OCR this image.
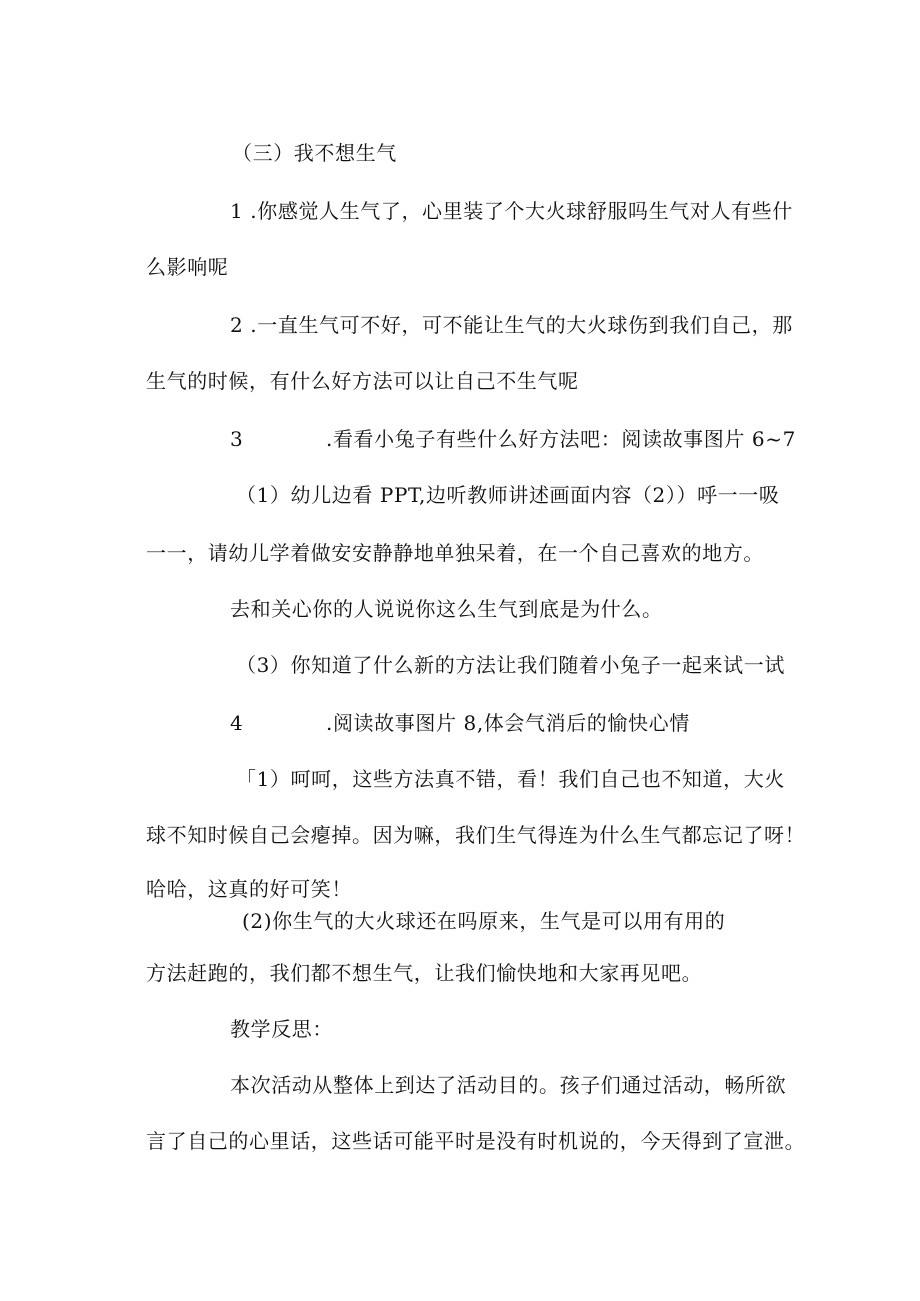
（三）我不想生气
1 .你感觉人生气了，心里装了个大火球舒服吗生气对人有些什
么影响呢
2 .一直生气可不好，可不能让生气的大火球伤到我们自己，那
生气的时候，有什么好方法可以让自己不生气呢
3	.看看小兔子有些什么好方法吧：阅读故事图片 6~7
（1）幼儿边看 PPT,边听教师讲述画面内容（2））呼一一吸
一一，请幼儿学着做安安静静地单独呆着，在一个自己喜欢的地方。
去和关心你的人说说你这么生气到底是为什么。
（3）你知道了什么新的方法让我们随着小兔子一起来试一试
4	.阅读故事图片 8,体会气消后的愉快心情
「1）呵呵，这些方法真不错，看！我们自己也不知道，大火
球不知时候自己会瘪掉。因为嘛，我们生气得连为什么生气都忘记了呀！
哈哈，这真的好可笑！
(2)你生气的大火球还在吗原来，生气是可以用有用的
方法赶跑的，我们都不想生气，让我们愉快地和大家再见吧。
教学反思：
本次活动从整体上到达了活动目的。孩子们通过活动，畅所欲
言了自己的心里话，这些话可能平时是没有时机说的，今天得到了宣泄。
